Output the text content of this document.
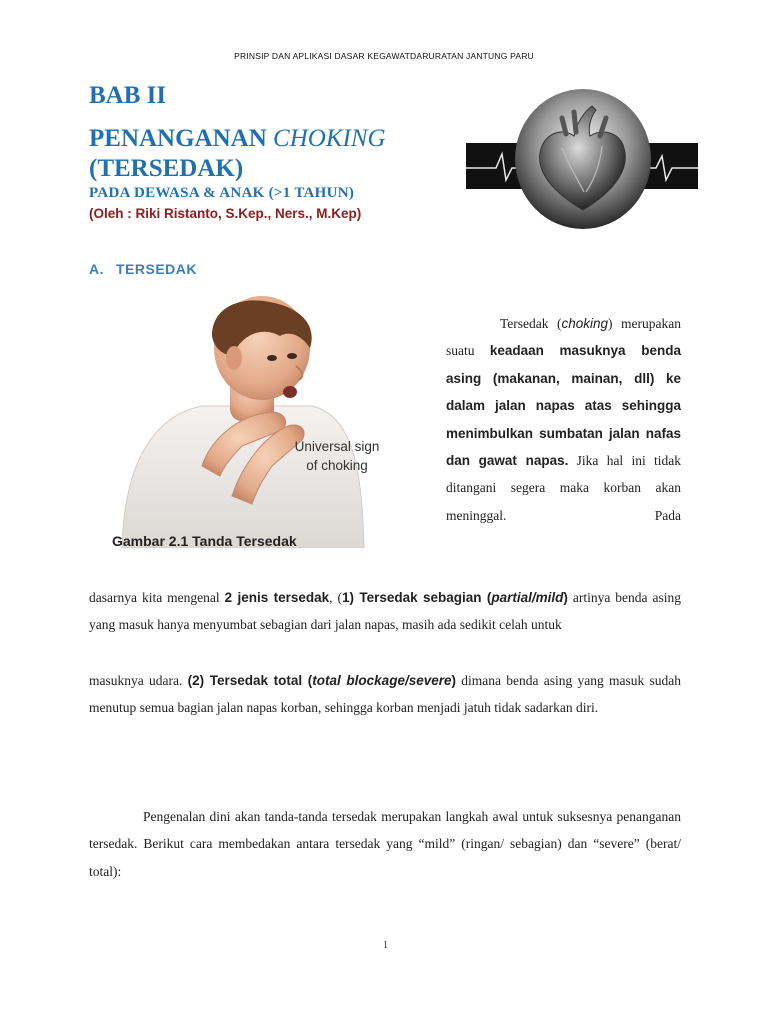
PRINSIP DAN APLIKASI DASAR KEGAWATDARURATAN JANTUNG PARU
BAB II
PENANGANAN CHOKING
(TERSEDAK)
PADA DEWASA & ANAK (>1 TAHUN)
(Oleh : Riki Ristanto, S.Kep., Ners., M.Kep)
A. TERSEDAK
Universal sign
of choking
Gambar 2.1 Tanda Tersedak
Tersedak (choking) merupakan suatu keadaan masuknya benda asing (makanan, mainan, dll) ke dalam jalan napas atas sehingga menimbulkan sumbatan jalan nafas dan gawat napas. Jika hal ini tidak ditangani segera maka korban akan meninggal. Pada
dasarnya kita mengenal 2 jenis tersedak, (1) Tersedak sebagian (partial/mild) artinya benda asing yang masuk hanya menyumbat sebagian dari jalan napas, masih ada sedikit celah untuk
masuknya udara. (2) Tersedak total (total blockage/severe) dimana benda asing yang masuk sudah menutup semua bagian jalan napas korban, sehingga korban menjadi jatuh tidak sadarkan diri.
Pengenalan dini akan tanda-tanda tersedak merupakan langkah awal untuk suksesnya penanganan tersedak. Berikut cara membedakan antara tersedak yang “mild” (ringan/ sebagian) dan “severe” (berat/ total):
1
